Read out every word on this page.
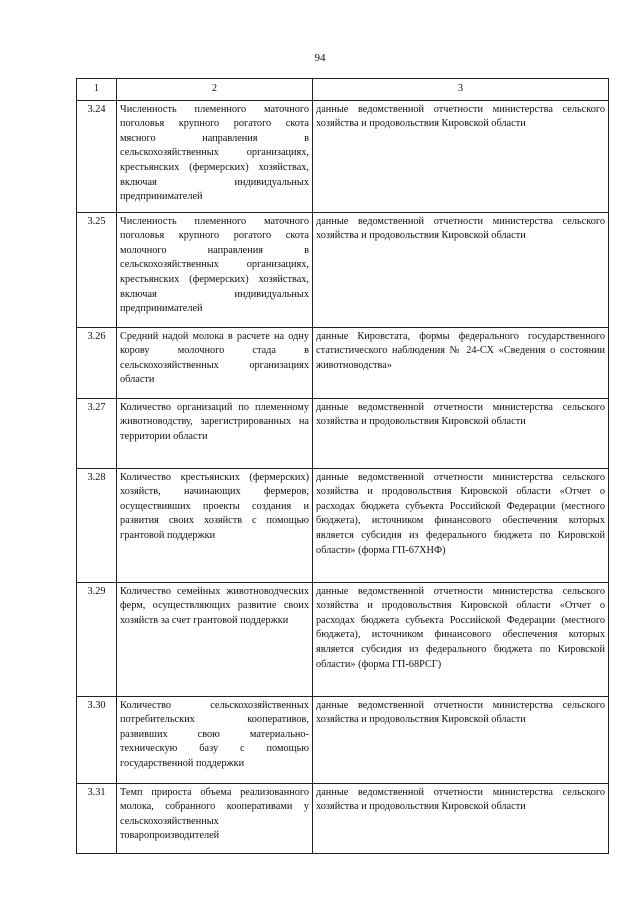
94
1	2	3
3.24	Численность племенного маточного поголовья крупного рогатого скота мясного направления в сельскохозяйственных организациях, крестьянских (фермерских) хозяйствах, включая индивидуальных предпринимателей	данные ведомственной отчетности министерства сельского хозяйства и продовольствия Кировской области
3.25	Численность племенного маточного поголовья крупного рогатого скота молочного направления в сельскохозяйственных организациях, крестьянских (фермерских) хозяйствах, включая индивидуальных предпринимателей	данные ведомственной отчетности министерства сельского хозяйства и продовольствия Кировской области
3.26	Средний надой молока в расчете на одну корову молочного стада в сельскохозяйственных организациях области	данные Кировстата, формы федерального государственного статистического наблюдения № 24-СХ «Сведения о состоянии животноводства»
3.27	Количество организаций по племенному животноводству, зарегистрированных на территории области	данные ведомственной отчетности министерства сельского хозяйства и продовольствия Кировской области
3.28	Количество крестьянских (фермерских) хозяйств, начинающих фермеров, осуществивших проекты создания и развития своих хозяйств с помощью грантовой поддержки	данные ведомственной отчетности министерства сельского хозяйства и продовольствия Кировской области «Отчет о расходах бюджета субъекта Российской Федерации (местного бюджета), источником финансового обеспечения которых является субсидия из федерального бюджета по Кировской области» (форма ГП-67ХНФ)
3.29	Количество семейных животноводческих ферм, осуществляющих развитие своих хозяйств за счет грантовой поддержки	данные ведомственной отчетности министерства сельского хозяйства и продовольствия Кировской области «Отчет о расходах бюджета субъекта Российской Федерации (местного бюджета), источником финансового обеспечения которых является субсидия из федерального бюджета по Кировской области» (форма ГП-68РСГ)
3.30	Количество сельскохозяйственных потребительских кооперативов, развивших свою материально-техническую базу с помощью государственной поддержки	данные ведомственной отчетности министерства сельского хозяйства и продовольствия Кировской области
3.31	Темп прироста объема реализованного молока, собранного кооперативами у сельскохозяйственных товаропроизводителей	данные ведомственной отчетности министерства сельского хозяйства и продовольствия Кировской области
